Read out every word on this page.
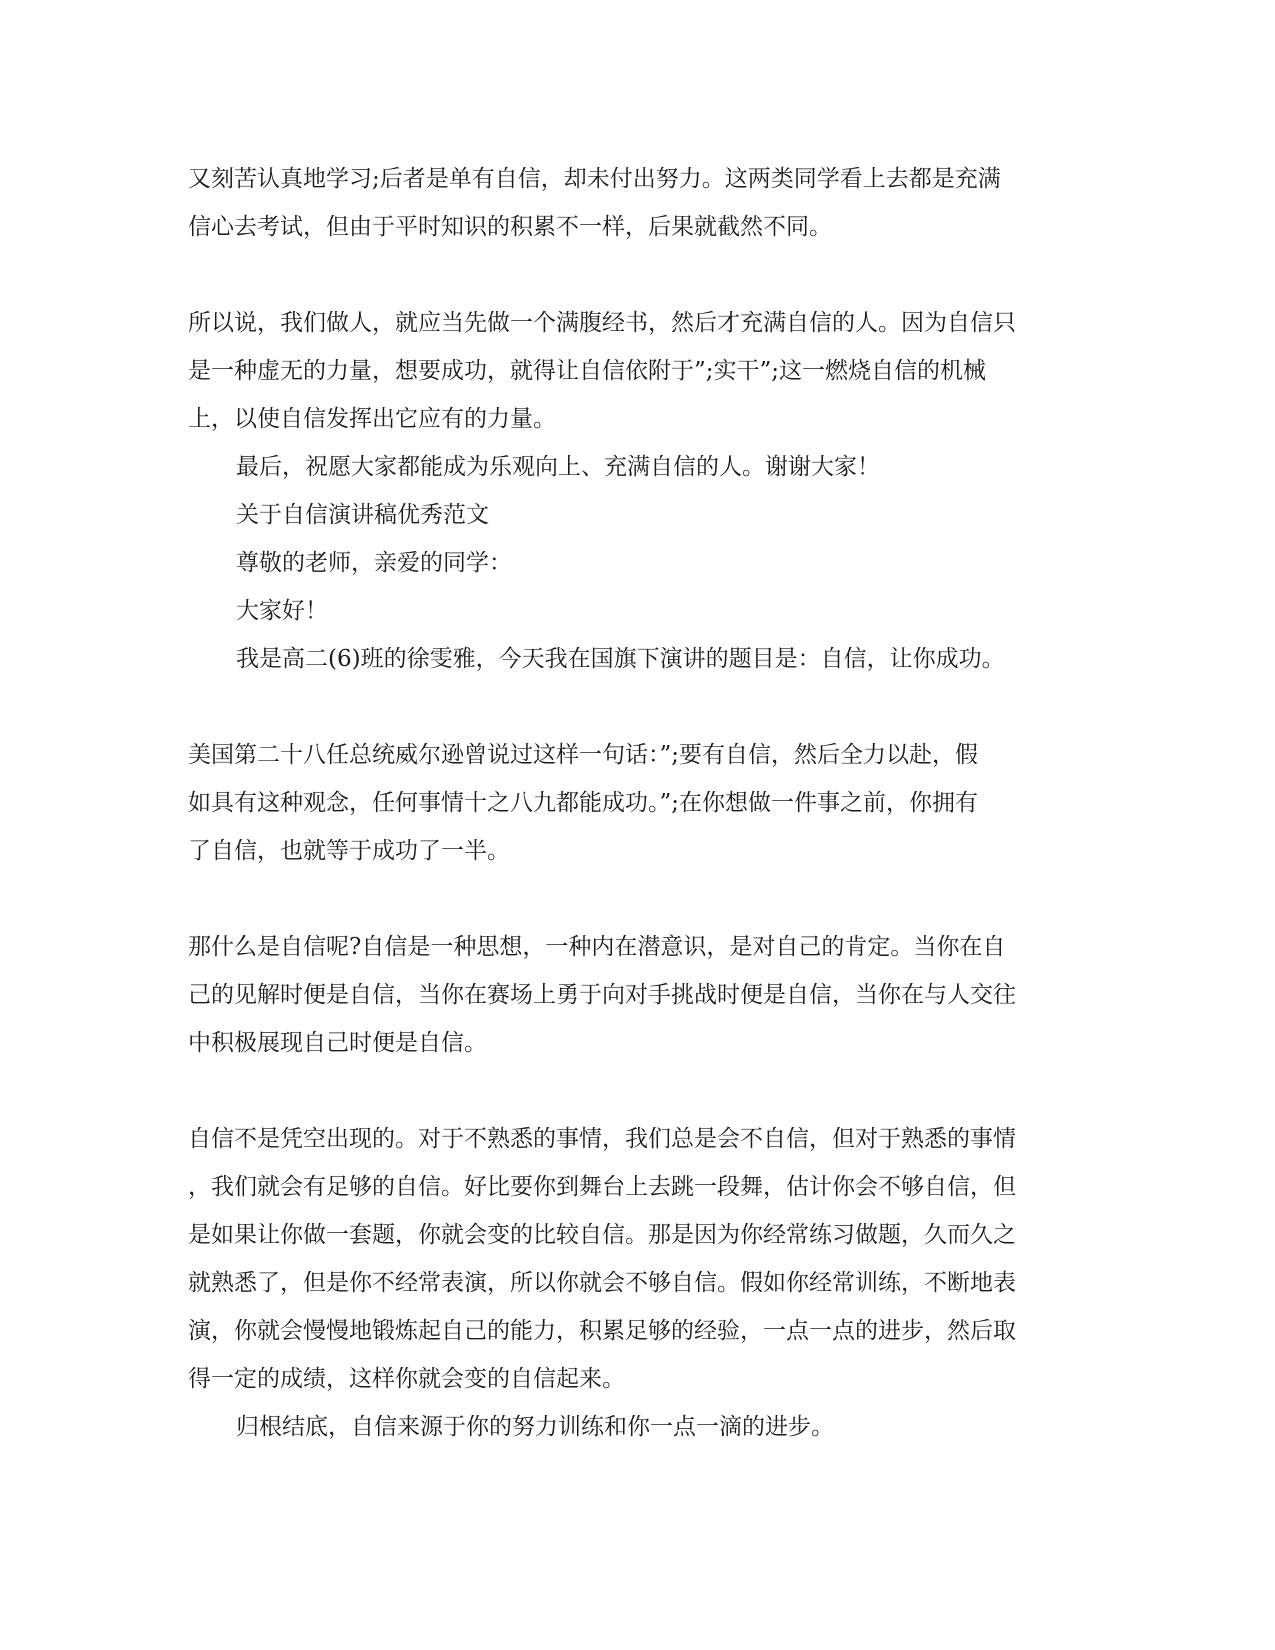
又刻苦认真地学习;后者是单有自信，却未付出努力。这两类同学看上去都是充满
信心去考试，但由于平时知识的积累不一样，后果就截然不同。

所以说，我们做人，就应当先做一个满腹经书，然后才充满自信的人。因为自信只
是一种虚无的力量，想要成功，就得让自信依附于”;实干”;这一燃烧自信的机械
上，以使自信发挥出它应有的力量。

最后，祝愿大家都能成为乐观向上、充满自信的人。谢谢大家！

关于自信演讲稿优秀范文

尊敬的老师，亲爱的同学：

大家好！

我是高二(6)班的徐雯雅，今天我在国旗下演讲的题目是：自信，让你成功。

美国第二十八任总统威尔逊曾说过这样一句话：”;要有自信，然后全力以赴，假
如具有这种观念，任何事情十之八九都能成功。”;在你想做一件事之前，你拥有
了自信，也就等于成功了一半。

那什么是自信呢?自信是一种思想，一种内在潜意识，是对自己的肯定。当你在自
己的见解时便是自信，当你在赛场上勇于向对手挑战时便是自信，当你在与人交往
中积极展现自己时便是自信。

自信不是凭空出现的。对于不熟悉的事情，我们总是会不自信，但对于熟悉的事情
，我们就会有足够的自信。好比要你到舞台上去跳一段舞，估计你会不够自信，但
是如果让你做一套题，你就会变的比较自信。那是因为你经常练习做题，久而久之
就熟悉了，但是你不经常表演，所以你就会不够自信。假如你经常训练，不断地表
演，你就会慢慢地锻炼起自己的能力，积累足够的经验，一点一点的进步，然后取
得一定的成绩，这样你就会变的自信起来。

归根结底，自信来源于你的努力训练和你一点一滴的进步。
